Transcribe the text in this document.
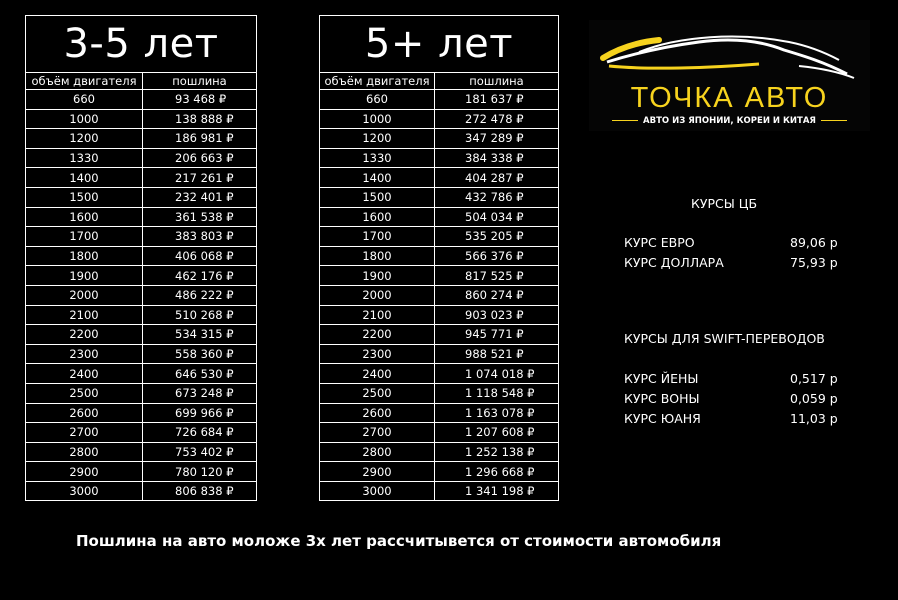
3-5 лет	
объём двигателя	пошлина
660	93 468 ₽
1000	138 888 ₽
1200	186 981 ₽
1330	206 663 ₽
1400	217 261 ₽
1500	232 401 ₽
1600	361 538 ₽
1700	383 803 ₽
1800	406 068 ₽
1900	462 176 ₽
2000	486 222 ₽
2100	510 268 ₽
2200	534 315 ₽
2300	558 360 ₽
2400	646 530 ₽
2500	673 248 ₽
2600	699 966 ₽
2700	726 684 ₽
2800	753 402 ₽
2900	780 120 ₽
3000	806 838 ₽
5+ лет	
объём двигателя	пошлина
660	181 637 ₽
1000	272 478 ₽
1200	347 289 ₽
1330	384 338 ₽
1400	404 287 ₽
1500	432 786 ₽
1600	504 034 ₽
1700	535 205 ₽
1800	566 376 ₽
1900	817 525 ₽
2000	860 274 ₽
2100	903 023 ₽
2200	945 771 ₽
2300	988 521 ₽
2400	1 074 018 ₽
2500	1 118 548 ₽
2600	1 163 078 ₽
2700	1 207 608 ₽
2800	1 252 138 ₽
2900	1 296 668 ₽
3000	1 341 198 ₽
ТОЧКА АВТО
АВТО ИЗ ЯПОНИИ, КОРЕИ И КИТАЯ
КУРСЫ ЦБ
КУРС ЕВРО	89,06 р
КУРС ДОЛЛАРА	75,93 р
КУРСЫ ДЛЯ SWIFT-ПЕРЕВОДОВ
КУРС ЙЕНЫ	0,517 р
КУРС ВОНЫ	0,059 р
КУРС ЮАНЯ	11,03 р
Пошлина на авто моложе 3х лет рассчитывется от стоимости автомобиля
